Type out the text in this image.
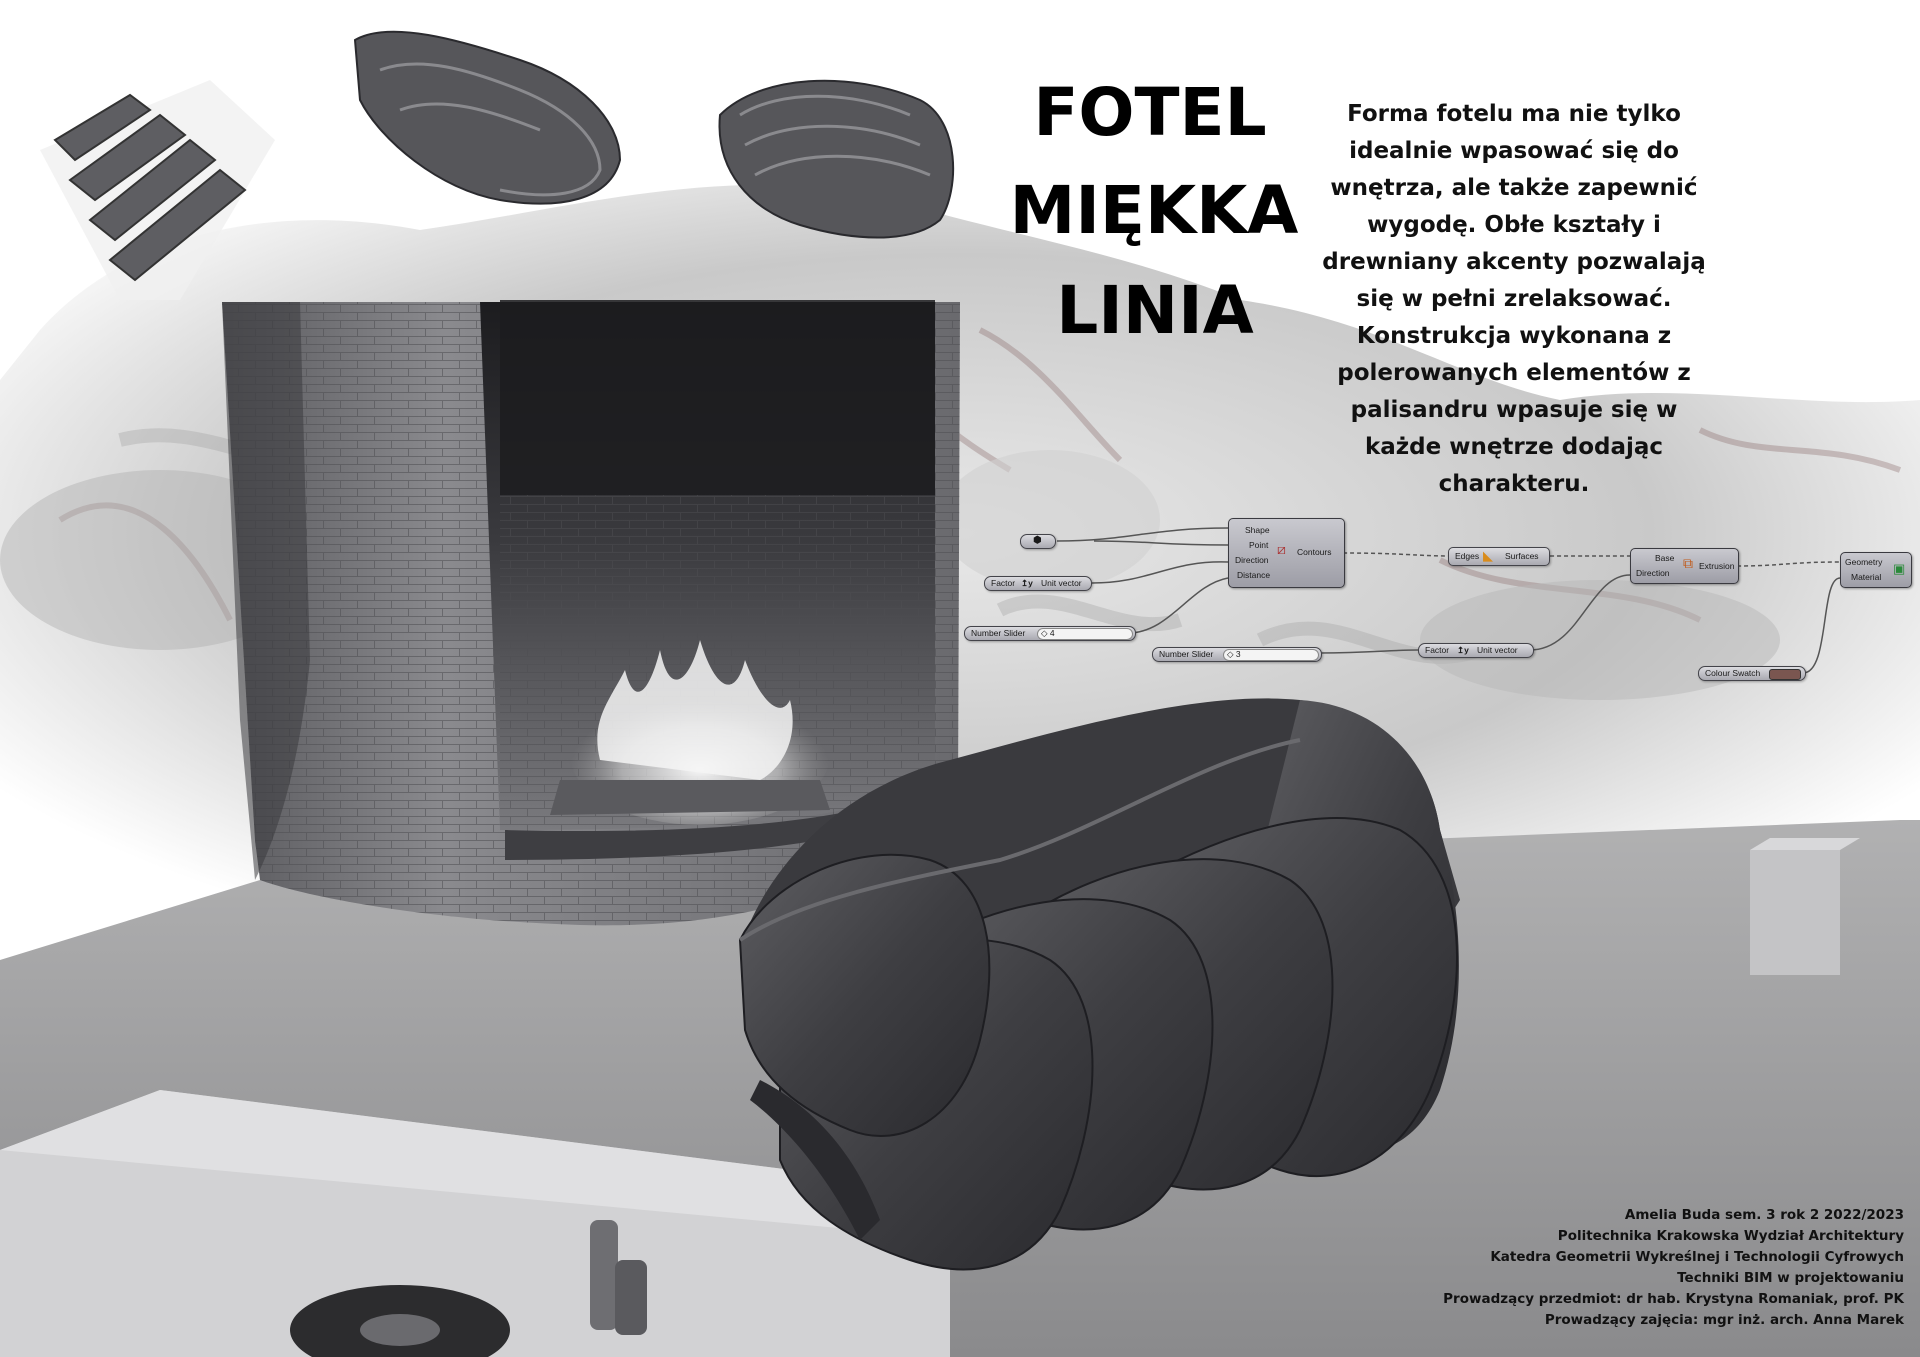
FOTEL
MIĘKKA
LINIA

Forma fotelu ma nie tylko idealnie wpasować się do wnętrza, ale także zapewnić wygodę. Obłe kształy i drewniany akcenty pozwalają się w pełni zrelaksować. Konstrukcja wykonana z polerowanych elementów z palisandru wpasuje się w każde wnętrze dodając charakteru.

⬢
Factor ↥y Unit vector
Number Slider ◇ 4
Shape
Point
Direction
Distance
⧄ Contours	Edges ◣ Surfaces	Base
Direction
⧉ Extrusion
Factor ↥y Unit vector
Number Slider ◇ 3
Geometry
Material
▣
Colour Swatch
Amelia Buda sem. 3 rok 2 2022/2023
Politechnika Krakowska Wydział Architektury
Katedra Geometrii Wykreślnej i Technologii Cyfrowych
Techniki BIM w projektowaniu
Prowadzący przedmiot: dr hab. Krystyna Romaniak, prof. PK
Prowadzący zajęcia: mgr inż. arch. Anna Marek
